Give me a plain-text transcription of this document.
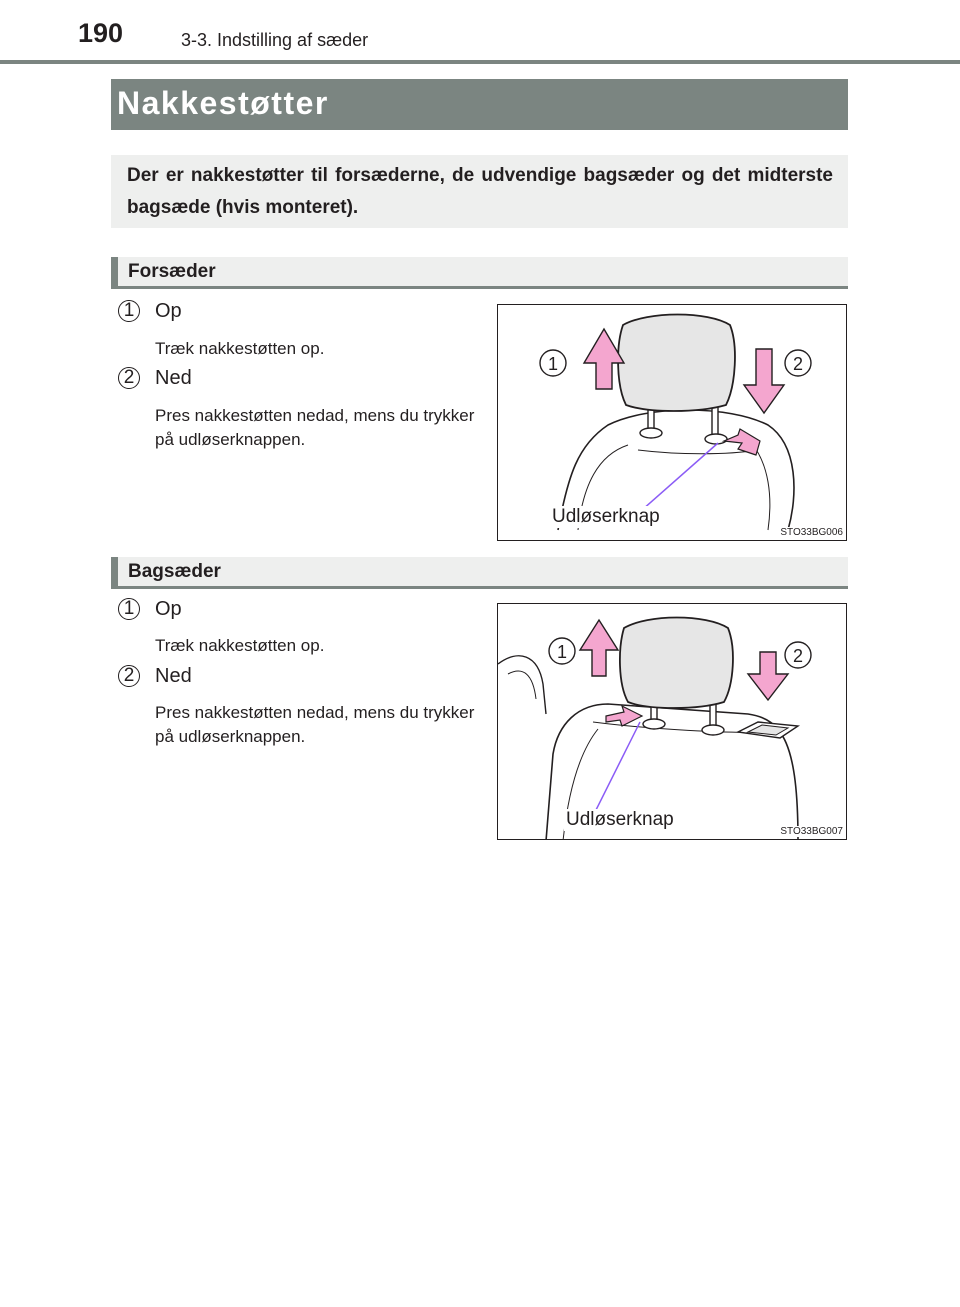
190	3-3. Indstilling af sæder
Nakkestøtter

Der er nakkestøtter til forsæderne, de udvendige bagsæder og det midterste bagsæde (hvis monteret).

Forsæder
1 Op
Træk nakkestøtten op.
2 Ned
Pres nakkestøtten nedad, mens du trykker på udløserknappen.
1	2
Udløserknap
STO33BG006
Bagsæder
1 Op
Træk nakkestøtten op.
2 Ned
Pres nakkestøtten nedad, mens du trykker på udløserknappen.
1	2
Udløserknap
STO33BG007
